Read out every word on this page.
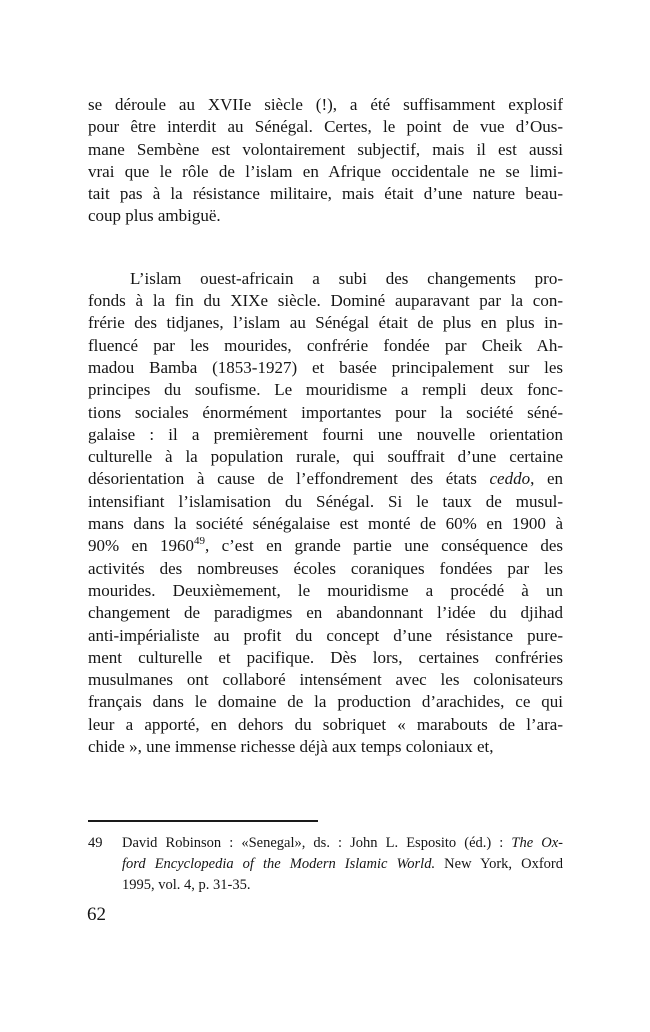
se déroule au XVIIe siècle (!), a été suffisamment explosif
pour être interdit au Sénégal. Certes, le point de vue d’Ous-
mane Sembène est volontairement subjectif, mais il est aussi
vrai que le rôle de l’islam en Afrique occidentale ne se limi-
tait pas à la résistance militaire, mais était d’une nature beau-
coup plus ambiguë.
L’islam ouest-africain a subi des changements pro-
fonds à la fin du XIXe siècle. Dominé auparavant par la con-
frérie des tidjanes, l’islam au Sénégal était de plus en plus in-
fluencé par les mourides, confrérie fondée par Cheik Ah-
madou Bamba (1853-1927) et basée principalement sur les
principes du soufisme. Le mouridisme a rempli deux fonc-
tions sociales énormément importantes pour la société séné-
galaise : il a premièrement fourni une nouvelle orientation
culturelle à la population rurale, qui souffrait d’une certaine
désorientation à cause de l’effondrement des états ceddo, en
intensifiant l’islamisation du Sénégal. Si le taux de musul-
mans dans la société sénégalaise est monté de 60% en 1900 à
90% en 1960$^{49}$, c’est en grande partie une conséquence des
activités des nombreuses écoles coraniques fondées par les
mourides. Deuxièmement, le mouridisme a procédé à un
changement de paradigmes en abandonnant l’idée du djihad
anti-impérialiste au profit du concept d’une résistance pure-
ment culturelle et pacifique. Dès lors, certaines confréries
musulmanes ont collaboré intensément avec les colonisateurs
français dans le domaine de la production d’arachides, ce qui
leur a apporté, en dehors du sobriquet « marabouts de l’ara-
chide », une immense richesse déjà aux temps coloniaux et,
49 David Robinson : «Senegal», ds. : John L. Esposito (éd.) : The Ox-
ford Encyclopedia of the Modern Islamic World. New York, Oxford
1995, vol. 4, p. 31-35.
62
